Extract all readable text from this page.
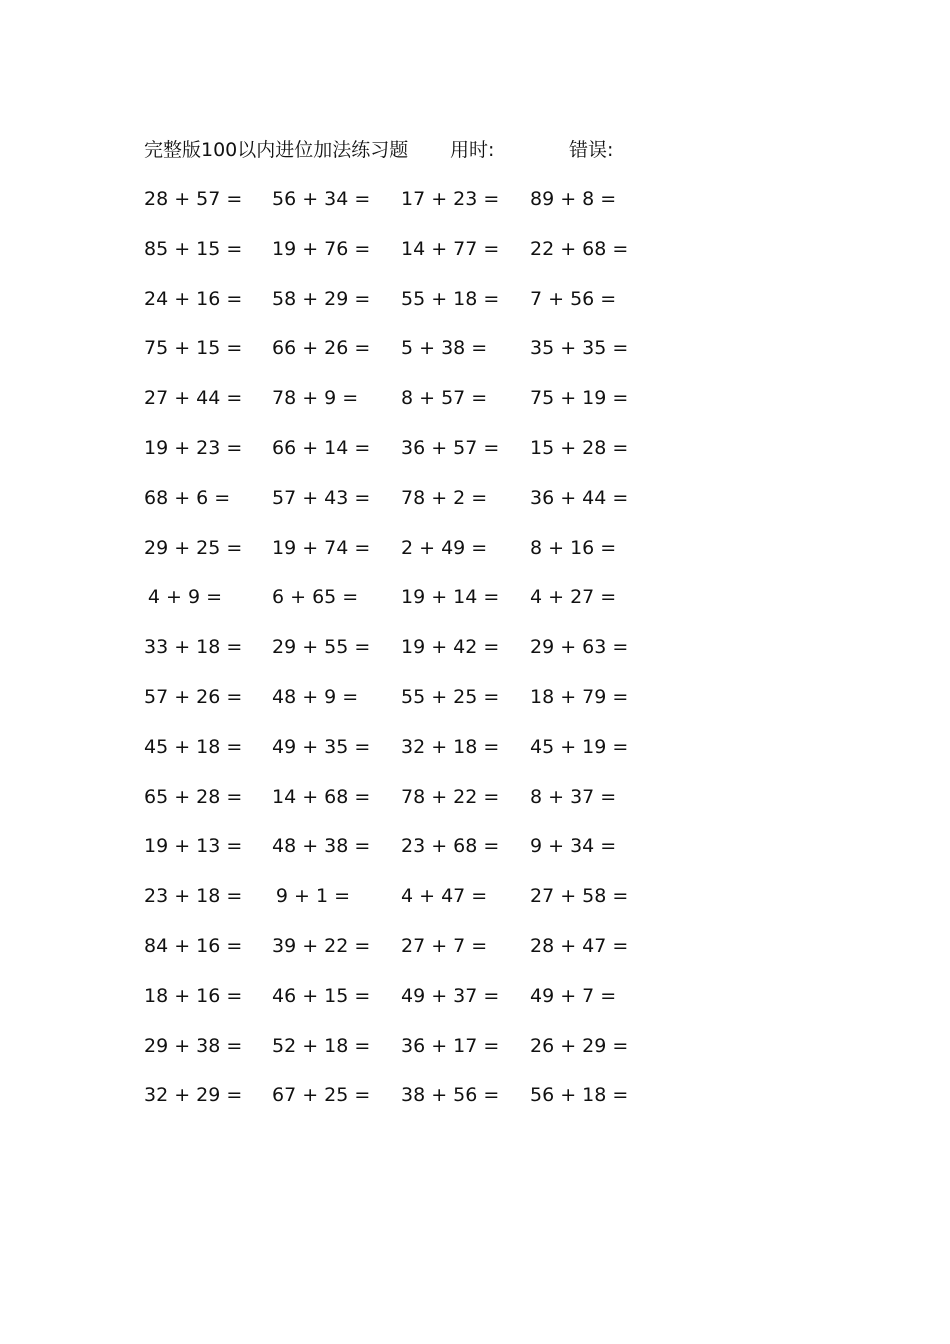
完整版100以内进位加法练习题 用时:	错误:
28 + 57 = 56 + 34 = 17 + 23 = 89 + 8 =
85 + 15 = 19 + 76 = 14 + 77 = 22 + 68 =
24 + 16 = 58 + 29 = 55 + 18 = 7 + 56 =
75 + 15 = 66 + 26 = 5 + 38 = 35 + 35 =
27 + 44 = 78 + 9 = 8 + 57 = 75 + 19 =
19 + 23 = 66 + 14 = 36 + 57 = 15 + 28 =
68 + 6 = 57 + 43 = 78 + 2 = 36 + 44 =
29 + 25 = 19 + 74 = 2 + 49 = 8 + 16 =
4 + 9 =	6 + 65 = 19 + 14 = 4 + 27 =
33 + 18 = 29 + 55 = 19 + 42 = 29 + 63 =
57 + 26 = 48 + 9 = 55 + 25 = 18 + 79 =
45 + 18 = 49 + 35 = 32 + 18 = 45 + 19 =
65 + 28 = 14 + 68 = 78 + 22 = 8 + 37 =
19 + 13 = 48 + 38 = 23 + 68 = 9 + 34 =
23 + 18 = 9 + 1 =	4 + 47 = 27 + 58 =
84 + 16 = 39 + 22 = 27 + 7 = 28 + 47 =
18 + 16 = 46 + 15 = 49 + 37 = 49 + 7 =
29 + 38 = 52 + 18 = 36 + 17 = 26 + 29 =
32 + 29 = 67 + 25 = 38 + 56 = 56 + 18 =
